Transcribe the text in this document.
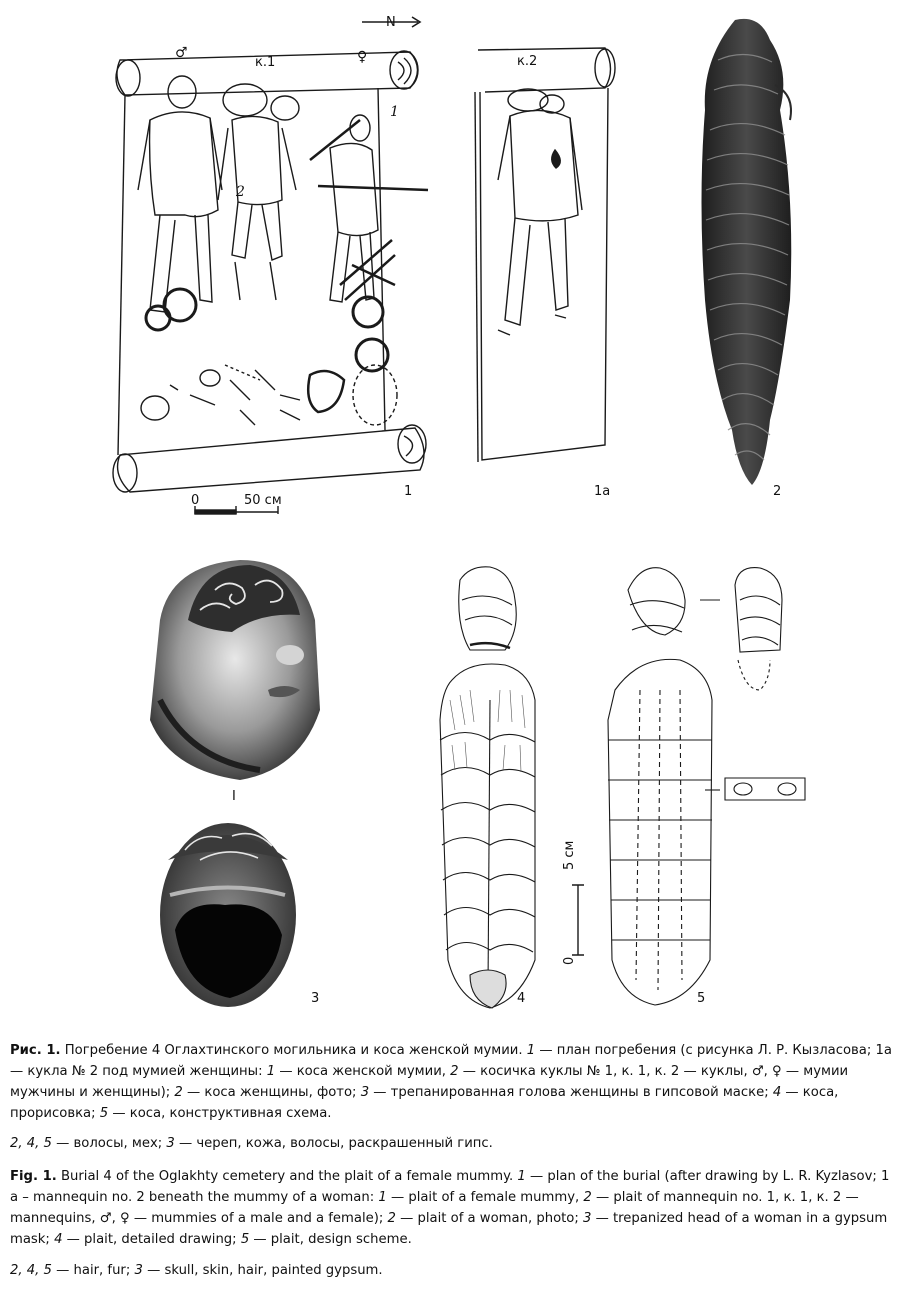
к.1
♂	♀
1
2
N
0	50 см
1
к.2
1а	2
I
3
0
5 см
4	5

Рис. 1. Погребение 4 Оглахтинского могильника и коса женской мумии. 1 — план погребения (с рисунка Л. Р. Кызласова; 1а — кукла № 2 под мумией женщины: 1 — коса женской мумии, 2 — косичка куклы № 1, к. 1, к. 2 — куклы, ♂, ♀ — мумии мужчины и женщины); 2 — коса женщины, фото; 3 — трепанированная голова женщины в гипсовой маске; 4 — коса, прорисовка; 5 — коса, конструктивная схема.

2, 4, 5 — волосы, мех; 3 — череп, кожа, волосы, раскрашенный гипс.

Fig. 1. Burial 4 of the Oglakhty cemetery and the plait of a female mummy. 1 — plan of the burial (after drawing by L. R. Kyzlasov; 1 a – mannequin no. 2 beneath the mummy of a woman: 1 — plait of a female mummy, 2 — plait of mannequin no. 1, к. 1, к. 2 — mannequins, ♂, ♀ — mummies of a male and a female); 2 — plait of a woman, photo; 3 — trepanized head of a woman in a gypsum mask; 4 — plait, detailed drawing; 5 — plait, design scheme.

2, 4, 5 — hair, fur; 3 — skull, skin, hair, painted gypsum.
